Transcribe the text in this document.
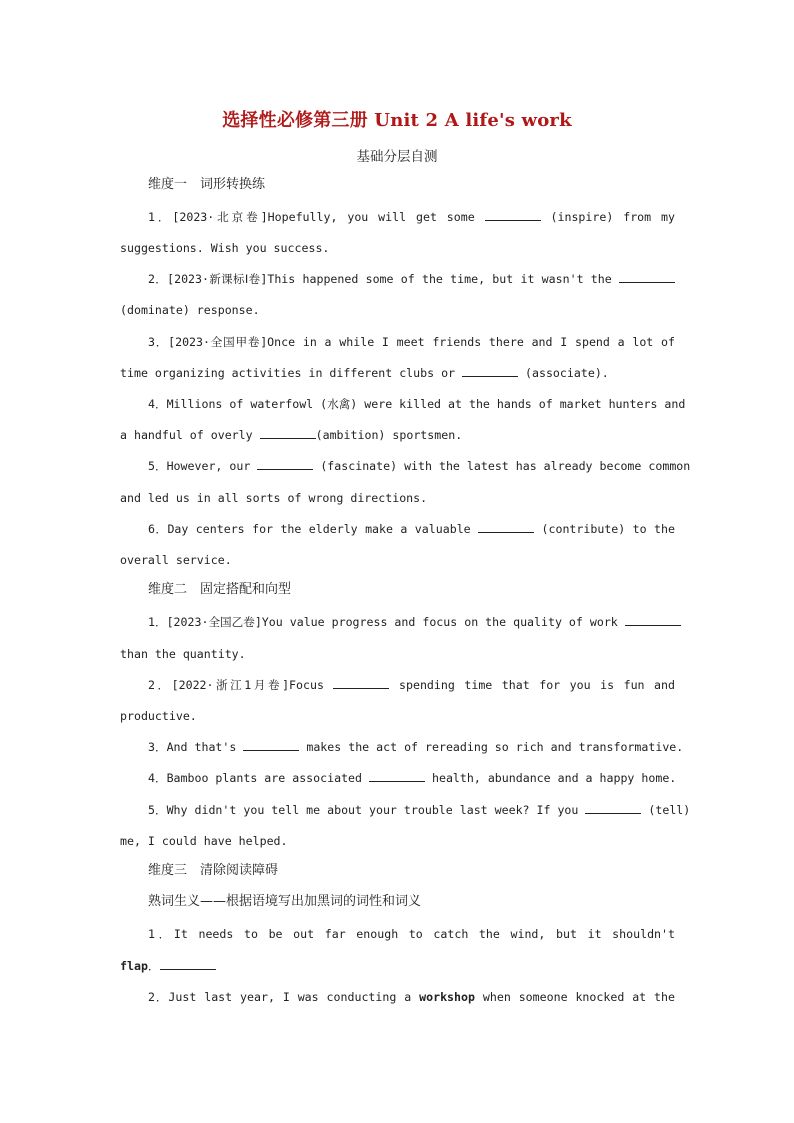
选择性必修第三册 Unit 2 A life's work
基础分层自测
维度一　词形转换练
1．[2023·北京卷]Hopefully, you will get some	(inspire) from my
suggestions. Wish you success.
2．[2023·新课标Ⅰ卷]This happened some of the time, but it wasn't the
(dominate) response.
3．[2023·全国甲卷]Once in a while I meet friends there and I spend a lot of
time organizing activities in different clubs or	(associate).
4．Millions of waterfowl (水禽) were killed at the hands of market hunters and
a handful of overly	(ambition) sportsmen.
5．However, our	(fascinate) with the latest has already become common
and led us in all sorts of wrong directions.
6．Day centers for the elderly make a valuable	(contribute) to the
overall service.
维度二　固定搭配和向型
1．[2023·全国乙卷]You value progress and focus on the quality of work
than the quantity.
2．[2022·浙江1月卷]Focus	spending time that for you is fun and
productive.
3．And that's	makes the act of rereading so rich and transformative.
4．Bamboo plants are associated	health, abundance and a happy home.
5．Why didn't you tell me about your trouble last week? If you	(tell)
me, I could have helped.
维度三　清除阅读障碍
熟词生义——根据语境写出加黑词的词性和词义
1．It needs to be out far enough to catch the wind, but it shouldn't
flap．
2．Just last year, I was conducting a workshop when someone knocked at the
